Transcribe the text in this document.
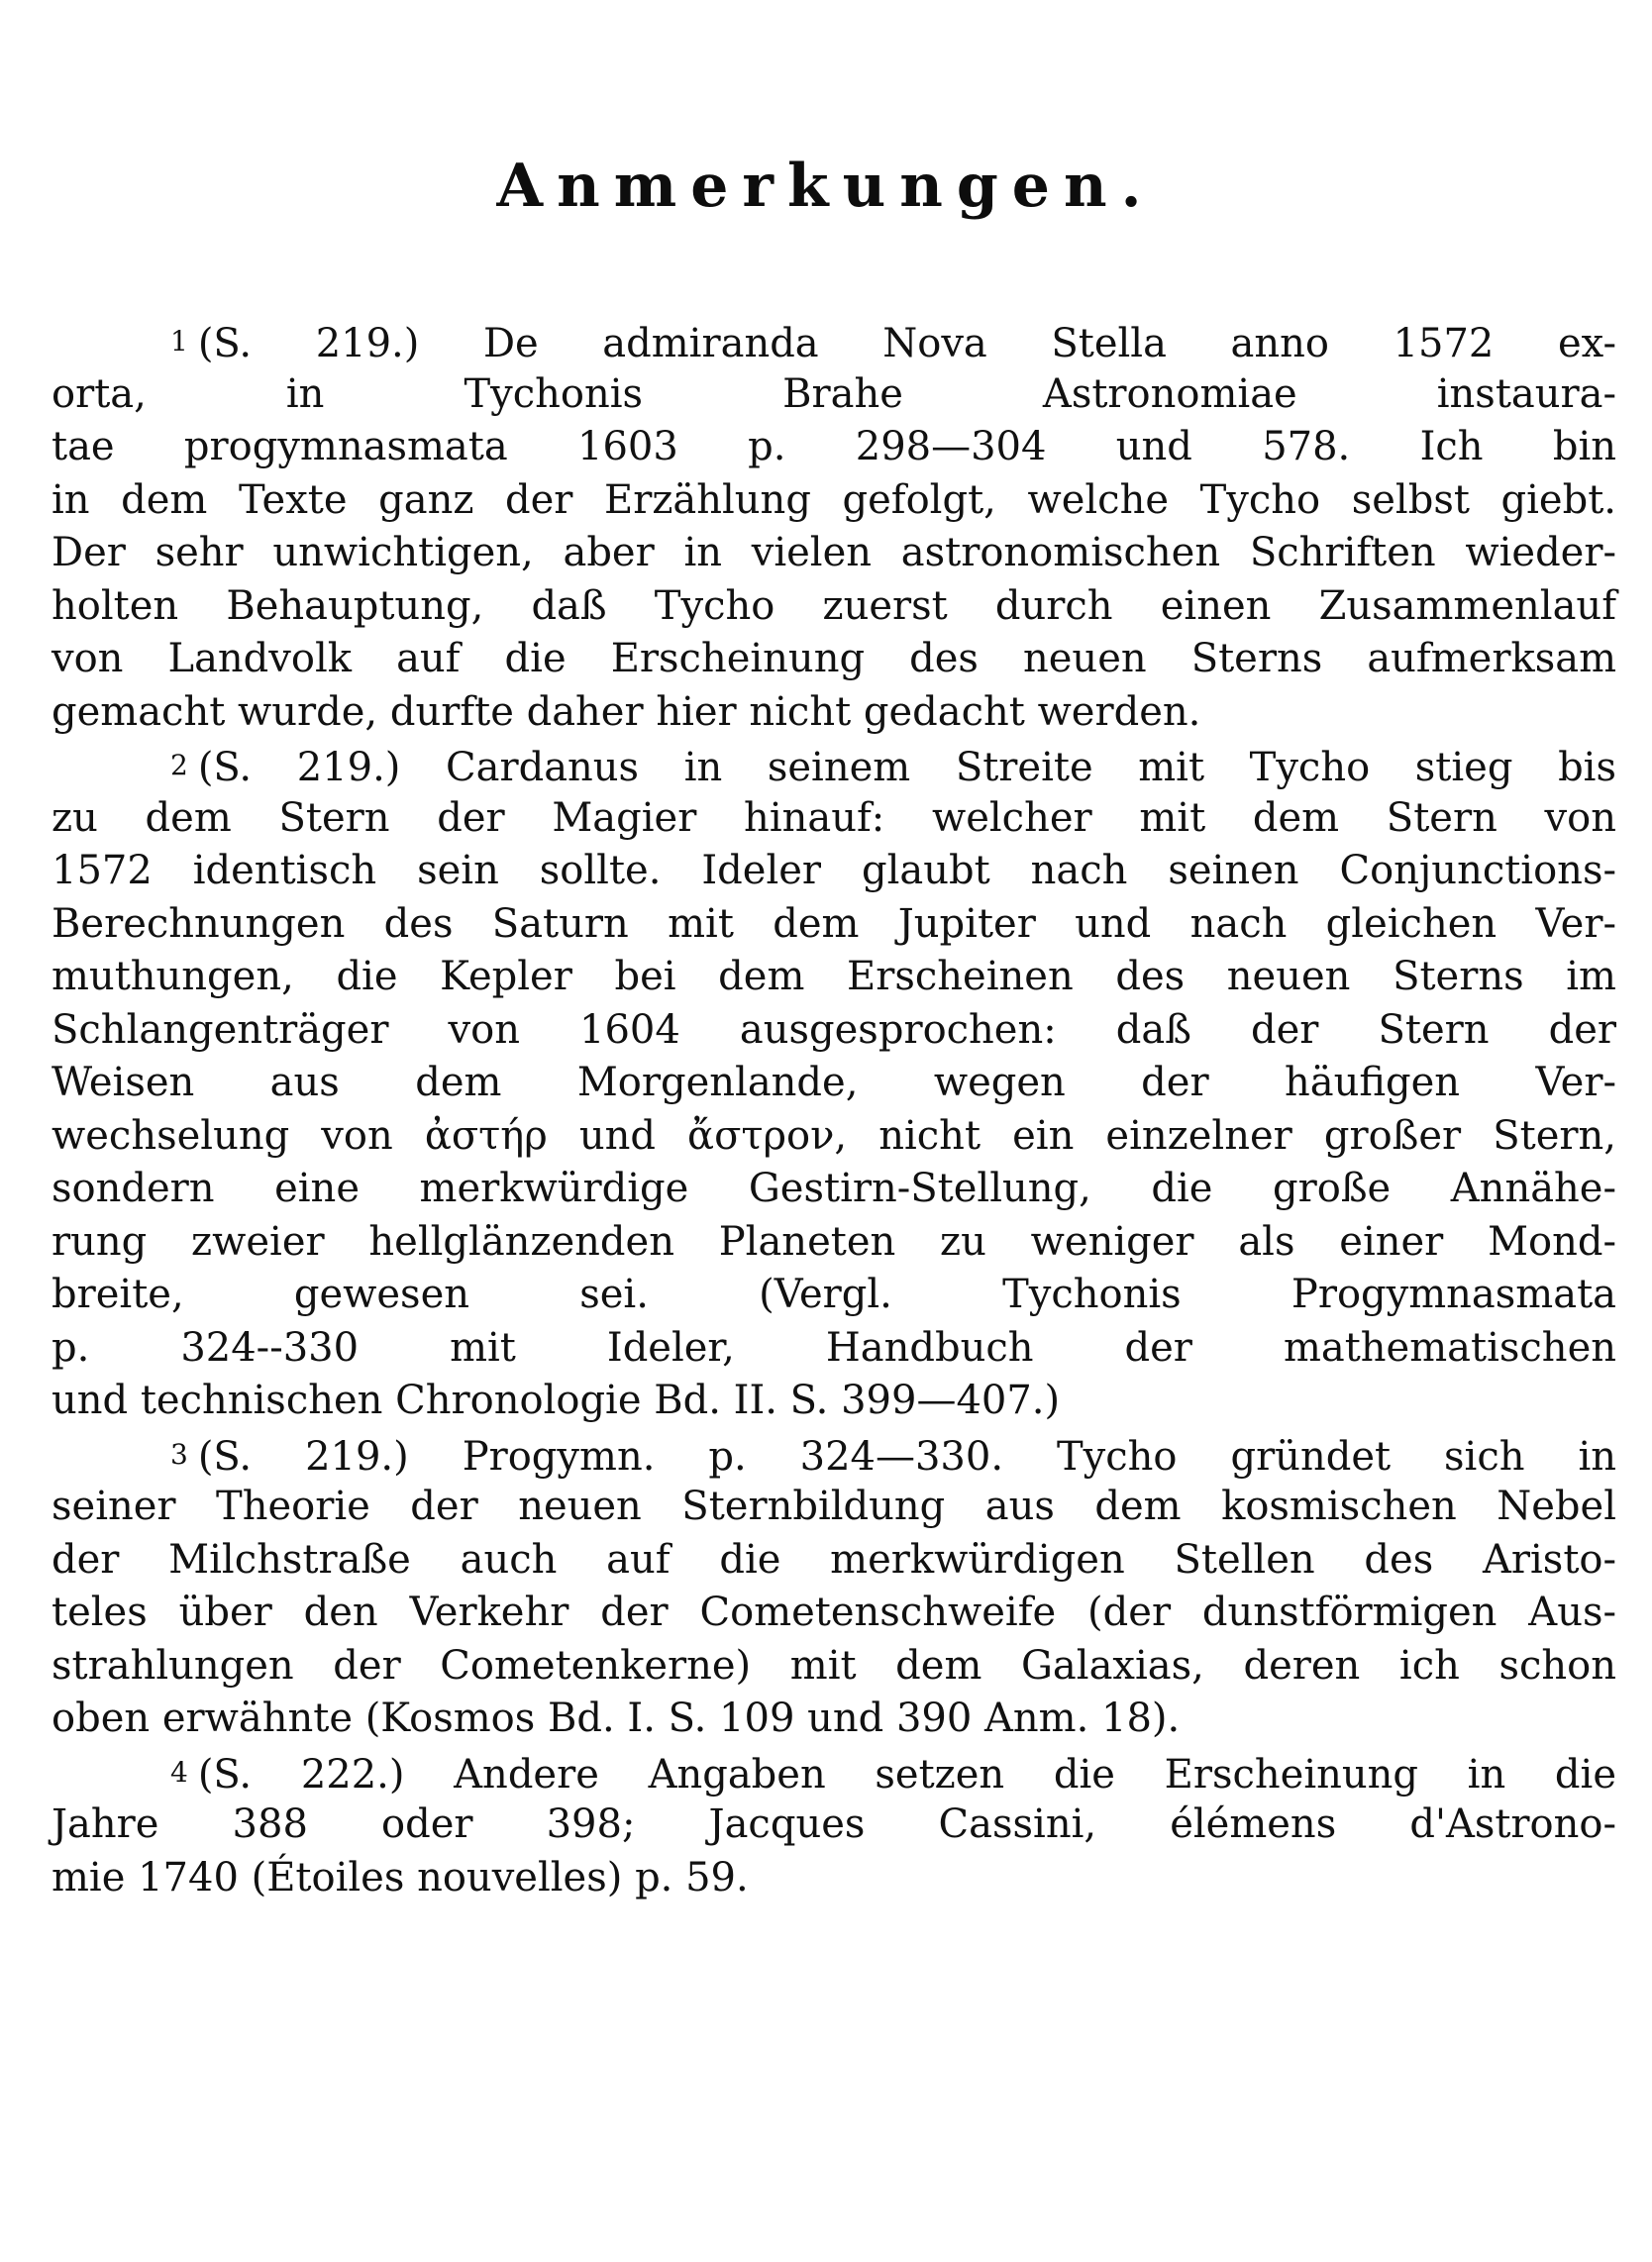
Anmerkungen.
1 (S. 219.) De admiranda Nova Stella anno 1572 ex-
orta, in Tychonis Brahe Astronomiae instaura-
tae progymnasmata 1603 p. 298—304 und 578. Ich bin
in dem Texte ganz der Erzählung gefolgt, welche Tycho selbst giebt.
Der sehr unwichtigen, aber in vielen astronomischen Schriften wieder-
holten Behauptung, daß Tycho zuerst durch einen Zusammenlauf
von Landvolk auf die Erscheinung des neuen Sterns aufmerksam
gemacht wurde, durfte daher hier nicht gedacht werden.
2 (S. 219.) Cardanus in seinem Streite mit Tycho stieg bis
zu dem Stern der Magier hinauf: welcher mit dem Stern von
1572 identisch sein sollte. Ideler glaubt nach seinen Conjunctions-
Berechnungen des Saturn mit dem Jupiter und nach gleichen Ver-
muthungen, die Kepler bei dem Erscheinen des neuen Sterns im
Schlangenträger von 1604 ausgesprochen: daß der Stern der
Weisen aus dem Morgenlande, wegen der häufigen Ver-
wechselung von ἀστήρ und ἄστρον, nicht ein einzelner großer Stern,
sondern eine merkwürdige Gestirn-Stellung, die große Annähe-
rung zweier hellglänzenden Planeten zu weniger als einer Mond-
breite, gewesen sei. (Vergl. Tychonis Progymnasmata
p. 324--330 mit Ideler, Handbuch der mathematischen
und technischen Chronologie Bd. II. S. 399—407.)
3 (S. 219.) Progymn. p. 324—330. Tycho gründet sich in
seiner Theorie der neuen Sternbildung aus dem kosmischen Nebel
der Milchstraße auch auf die merkwürdigen Stellen des Aristo-
teles über den Verkehr der Cometenschweife (der dunstförmigen Aus-
strahlungen der Cometenkerne) mit dem Galaxias, deren ich schon
oben erwähnte (Kosmos Bd. I. S. 109 und 390 Anm. 18).
4 (S. 222.) Andere Angaben setzen die Erscheinung in die
Jahre 388 oder 398; Jacques Cassini, élémens d'Astrono-
mie 1740 (Étoiles nouvelles) p. 59.
